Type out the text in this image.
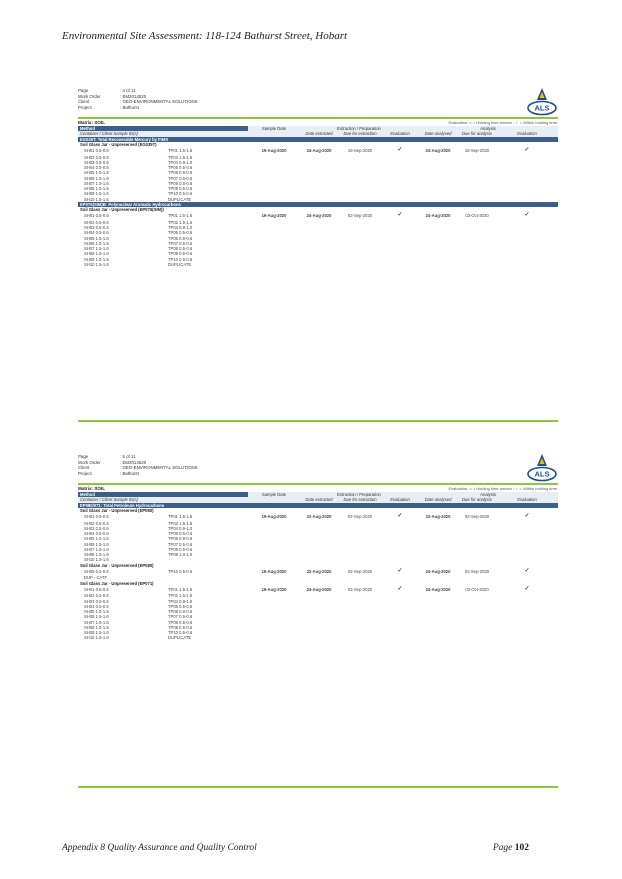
Environmental Site Assessment: 118-124 Bathurst Street, Hobart
Page	: 4 of 11
Work Order	: EM2014520
Client	: GEO-ENVIRONMENTAL SOLUTIONS
Project	: Bathurst	ALS
Matrix: SOIL	Evaluation: × = Holding time breach ; ✓ = Within holding time.
Method		Sample Date	Extraction / Preparation			Analysis		
Container / Client Sample ID(s)			Date extracted	Due for extraction	Evaluation	Date analysed	Due for analysis	Evaluation
EG035T: Total Recoverable Mercury by FIMS								
Soil Glass Jar - Unpreserved (EG035T)								
SH01 0.5-0.6	TP01 1.5-1.6	19-Aug-2020	24-Aug-2020	16-Sep-2020	✓	24-Aug-2020	16-Sep-2020	✓
SH02 0.5-0.6	TP02 1.5-1.6							
SH03 0.5-0.6	TP04 0.9-1.0							
SH04 0.5-0.6	TP05 0.5-0.6							
SH05 1.5-1.6	TP06 0.9-0.6							
SH06 1.5-1.6	TP07 0.5-0.6							
SH07 1.5-1.6	TP08 0.5-0.6							
SH08 1.5-1.6	TP09 0.5-0.6							
SH09 1.5-1.6	TP10 0.5-0.6							
SH10 1.5-1.6	DUPLICATE							
EP075(SIM)B: Polynuclear Aromatic Hydrocarbons								
Soil Glass Jar - Unpreserved (EP075(SIM))								
SH01 0.5-0.6	TP01 1.5-1.6	19-Aug-2020	24-Aug-2020	02-Sep-2020	✓	24-Aug-2020	03-Oct-2020	✓
SH02 0.5-0.6	TP02 1.5-1.6							
SH03 0.5-0.6	TP04 0.9-1.0							
SH04 0.5-0.6	TP05 0.5-0.6							
SH05 1.5-1.6	TP06 0.9-0.6							
SH06 1.5-1.6	TP07 0.5-0.6							
SH07 1.5-1.6	TP08 0.5-0.6							
SH08 1.5-1.6	TP09 0.5-0.6							
SH09 1.5-1.6	TP10 0.5-0.6							
SH10 1.5-1.6	DUPLICATE							
Page	: 5 of 11
Work Order	: EM2014520
Client	: GEO-ENVIRONMENTAL SOLUTIONS
Project	: Bathurst	ALS
Matrix: SOIL	Evaluation: × = Holding time breach ; ✓ = Within holding time.
Method		Sample Date	Extraction / Preparation			Analysis		
Container / Client Sample ID(s)			Date extracted	Due for extraction	Evaluation	Date analysed	Due for analysis	Evaluation
EP080/071: Total Petroleum Hydrocarbons								
Soil Glass Jar - Unpreserved (EP080)								
SH01 0.5-0.6	TP01 1.5-1.6	19-Aug-2020	22-Aug-2020	02-Sep-2020	✓	22-Aug-2020	02-Sep-2020	✓
SH02 0.5-0.6	TP02 1.5-1.6							
SH03 0.5-0.6	TP04 0.9-1.0							
SH04 0.5-0.6	TP05 0.5-0.6							
SH05 1.5-1.6	TP06 0.9-0.6							
SH06 1.5-1.6	TP07 0.5-0.6							
SH07 1.5-1.6	TP08 0.5-0.6							
SH08 1.5-1.6	TP09 1.0-1.0							
SH10 1.5-1.6								
Soil Glass Jar - Unpreserved (EP080)								
SH09 0.5-0.6	TP10 0.5-0.6	19-Aug-2020	22-Aug-2020	02-Sep-2020	✓	24-Aug-2020	02-Sep-2020	✓
DUP - CATF								
Soil Glass Jar - Unpreserved (EP071)								
SH01 0.5-0.6	TP01 1.5-1.6	19-Aug-2020	24-Aug-2020	02-Sep-2020	✓	24-Aug-2020	03-Oct-2020	✓
SH02 0.5-0.6	TP02 1.5-1.6							
SH03 0.5-0.6	TP04 0.9-1.0							
SH04 0.5-0.6	TP05 0.5-0.6							
SH05 1.5-1.6	TP06 0.9-0.6							
SH06 1.5-1.6	TP07 0.5-0.6							
SH07 1.5-1.6	TP08 0.5-0.6							
SH08 1.5-1.6	TP09 0.5-0.6							
SH09 1.5-1.6	TP10 0.5-0.6							
SH10 1.5-1.6	DUPLICATE							
Appendix 8 Quality Assurance and Quality Control	Page 102
